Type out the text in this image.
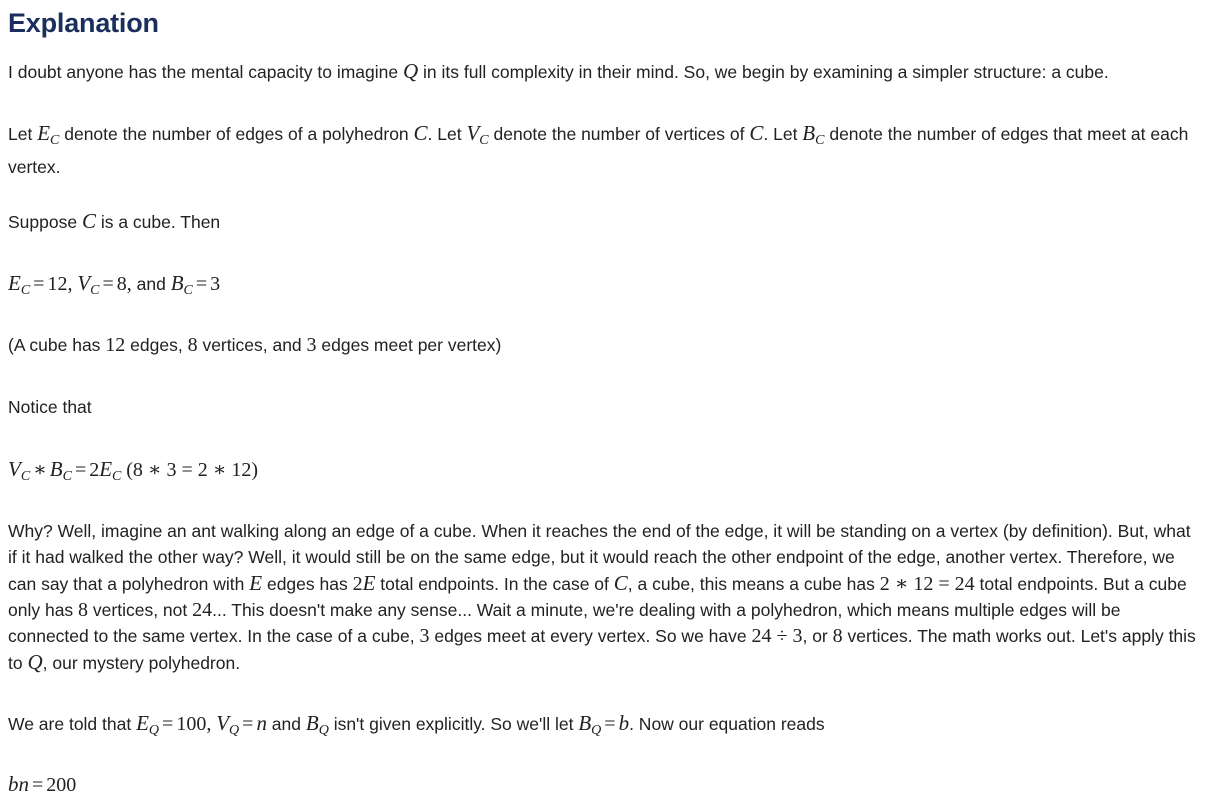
Explanation

I doubt anyone has the mental capacity to imagine Q in its full complexity in their mind. So, we begin by examining a simpler structure: a cube.

Let $E_C$ denote the number of edges of a polyhedron C. Let $V_C$ denote the number of vertices of C. Let $B_C$ denote the number of edges that meet at each vertex.

Suppose C is a cube. Then

$E_C = 12$, $V_C = 8$, and $B_C = 3$

(A cube has 12 edges, 8 vertices, and 3 edges meet per vertex)

Notice that

$V_C$ ∗ $B_C = 2E_C$ (8 ∗ 3 = 2 ∗ 12)

Why? Well, imagine an ant walking along an edge of a cube. When it reaches the end of the edge, it will be standing on a vertex (by definition). But, what if it had walked the other way? Well, it would still be on the same edge, but it would reach the other endpoint of the edge, another vertex. Therefore, we can say that a polyhedron with E edges has 2E total endpoints. In the case of C, a cube, this means a cube has 2 ∗ 12 = 24 total endpoints. But a cube only has 8 vertices, not 24... This doesn't make any sense... Wait a minute, we're dealing with a polyhedron, which means multiple edges will be connected to the same vertex. In the case of a cube, 3 edges meet at every vertex. So we have 24 ÷ 3, or 8 vertices. The math works out. Let's apply this to Q, our mystery polyhedron.

We are told that $E_Q = 100$, $V_Q = n$ and $B_Q$ isn't given explicitly. So we'll let $B_Q = b$. Now our equation reads

bn = 200
